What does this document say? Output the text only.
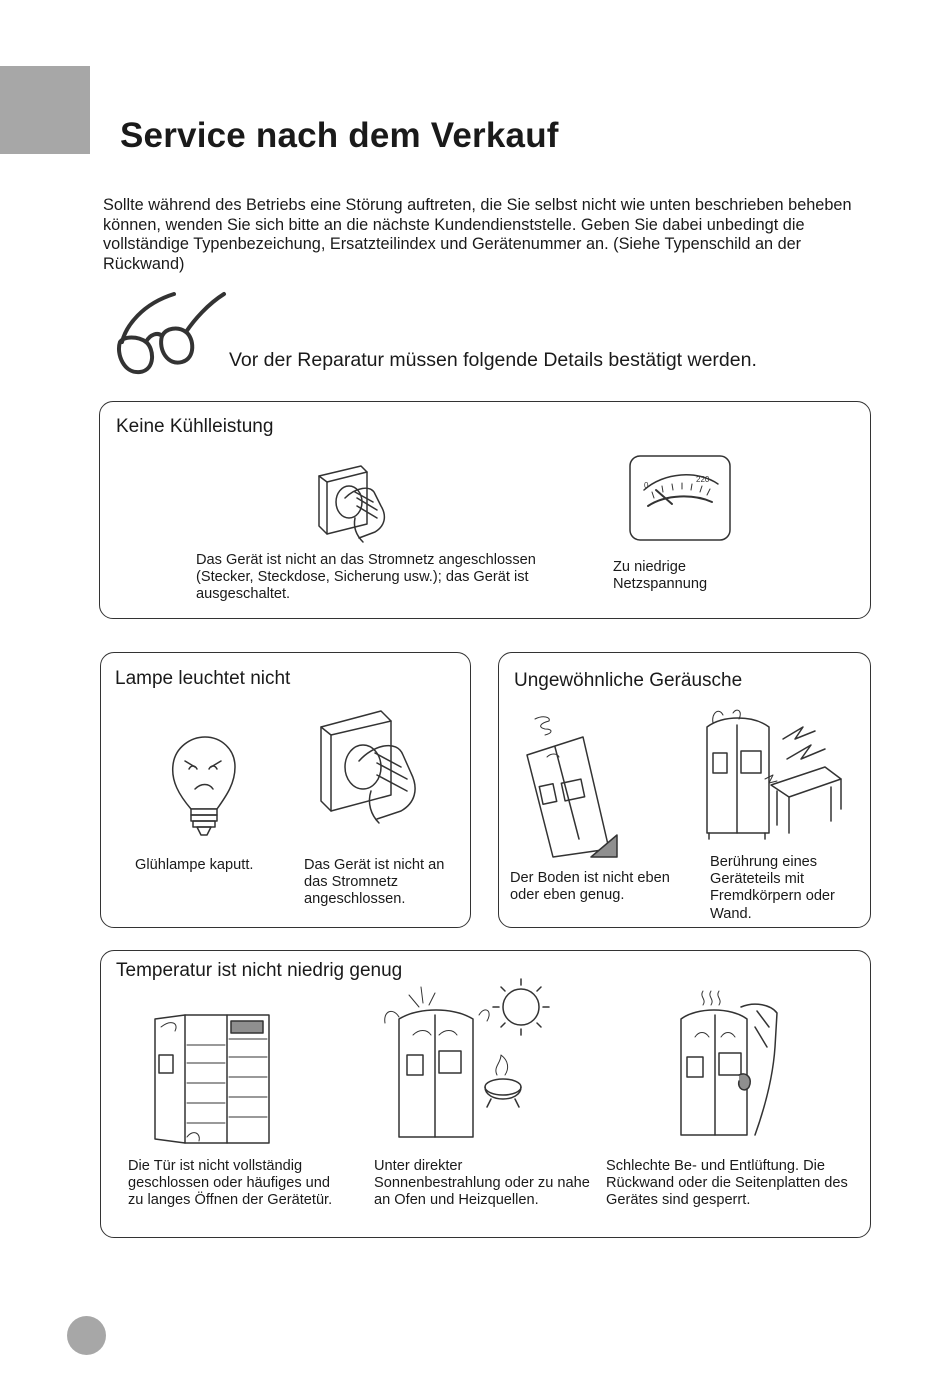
Service nach dem Verkauf

Sollte während des Betriebs eine Störung auftreten, die Sie selbst nicht wie unten beschrieben beheben können, wenden Sie sich bitte an die nächste Kundendienststelle. Geben Sie dabei unbedingt die vollständige Typenbezeichung, Ersatzteilindex und Gerätenummer an. (Siehe Typenschild an der Rückwand)

Vor der Reparatur müssen folgende Details bestätigt werden.
Keine Kühlleistung
Das Gerät ist nicht an das Stromnetz angeschlossen (Stecker, Steckdose, Sicherung usw.); das Gerät ist ausgeschaltet.
0
220
Zu niedrige Netzspannung
Lampe leuchtet nicht
Glühlampe kaputt.	Das Gerät ist nicht an das Stromnetz angeschlossen.
Ungewöhnliche Geräusche
Der Boden ist nicht eben oder eben genug.
Berührung eines Geräteteils mit Fremdkörpern oder Wand.
Temperatur ist nicht niedrig genug
Die Tür ist nicht vollständig geschlossen oder häufiges und zu langes Öffnen der Gerätetür.
Unter direkter Sonnenbestrahlung oder zu nahe an Ofen und Heizquellen.
Schlechte Be- und Entlüftung. Die Rückwand oder die Seitenplatten des Gerätes sind gesperrt.
